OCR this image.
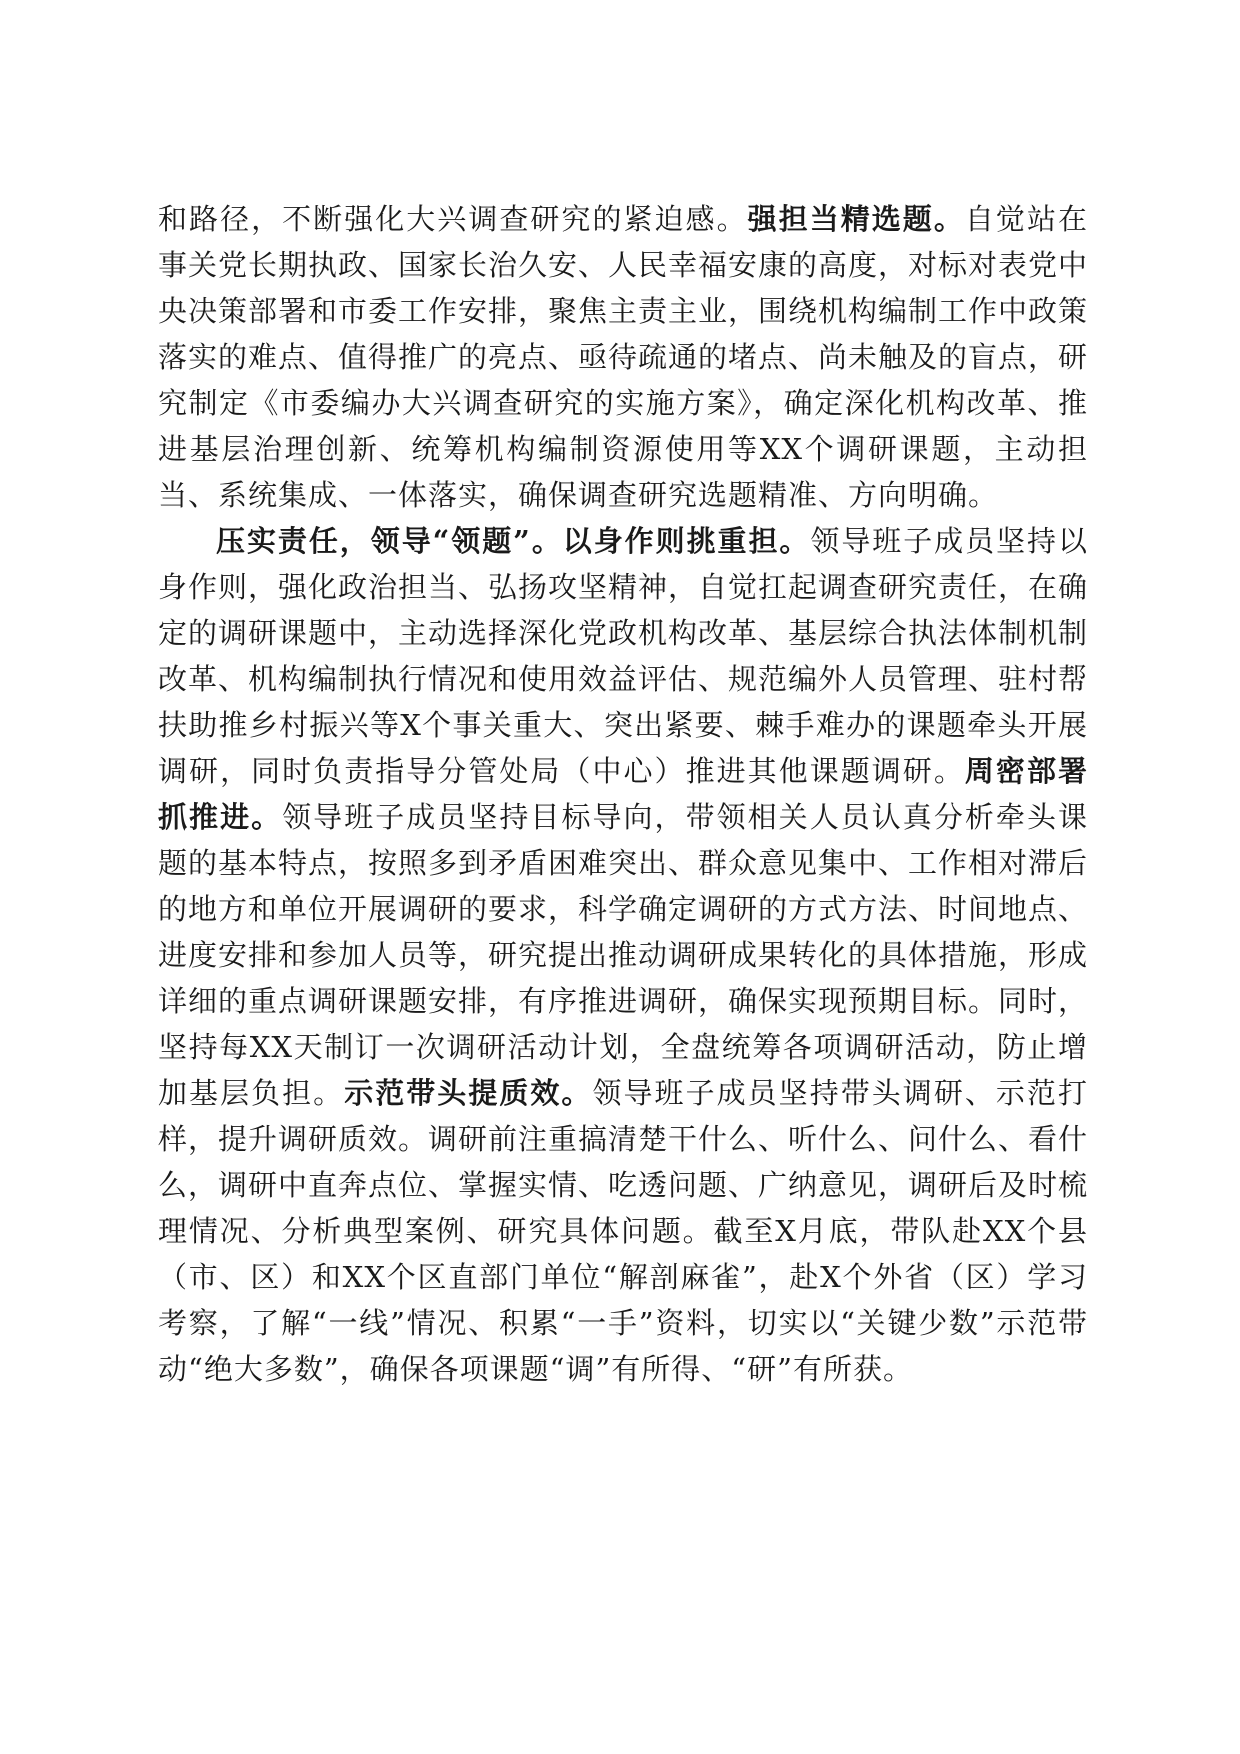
和路径，不断强化大兴调查研究的紧迫感。强担当精选题。自觉站在事关党长期执政、国家长治久安、人民幸福安康的高度，对标对表党中央决策部署和市委工作安排，聚焦主责主业，围绕机构编制工作中政策落实的难点、值得推广的亮点、亟待疏通的堵点、尚未触及的盲点，研究制定《市委编办大兴调查研究的实施方案》，确定深化机构改革、推进基层治理创新、统筹机构编制资源使用等XX个调研课题，主动担当、系统集成、一体落实，确保调查研究选题精准、方向明确。

压实责任，领导“领题”。以身作则挑重担。领导班子成员坚持以身作则，强化政治担当、弘扬攻坚精神，自觉扛起调查研究责任，在确定的调研课题中，主动选择深化党政机构改革、基层综合执法体制机制改革、机构编制执行情况和使用效益评估、规范编外人员管理、驻村帮扶助推乡村振兴等X个事关重大、突出紧要、棘手难办的课题牵头开展调研，同时负责指导分管处局（中心）推进其他课题调研。周密部署抓推进。领导班子成员坚持目标导向，带领相关人员认真分析牵头课题的基本特点，按照多到矛盾困难突出、群众意见集中、工作相对滞后的地方和单位开展调研的要求，科学确定调研的方式方法、时间地点、进度安排和参加人员等，研究提出推动调研成果转化的具体措施，形成详细的重点调研课题安排，有序推进调研，确保实现预期目标。同时，坚持每XX天制订一次调研活动计划，全盘统筹各项调研活动，防止增加基层负担。示范带头提质效。领导班子成员坚持带头调研、示范打样，提升调研质效。调研前注重搞清楚干什么、听什么、问什么、看什么，调研中直奔点位、掌握实情、吃透问题、广纳意见，调研后及时梳理情况、分析典型案例、研究具体问题。截至X月底，带队赴XX个县（市、区）和XX个区直部门单位“解剖麻雀”，赴X个外省（区）学习考察，了解“一线”情况、积累“一手”资料，切实以“关键少数”示范带动“绝大多数”，确保各项课题“调”有所得、“研”有所获。
